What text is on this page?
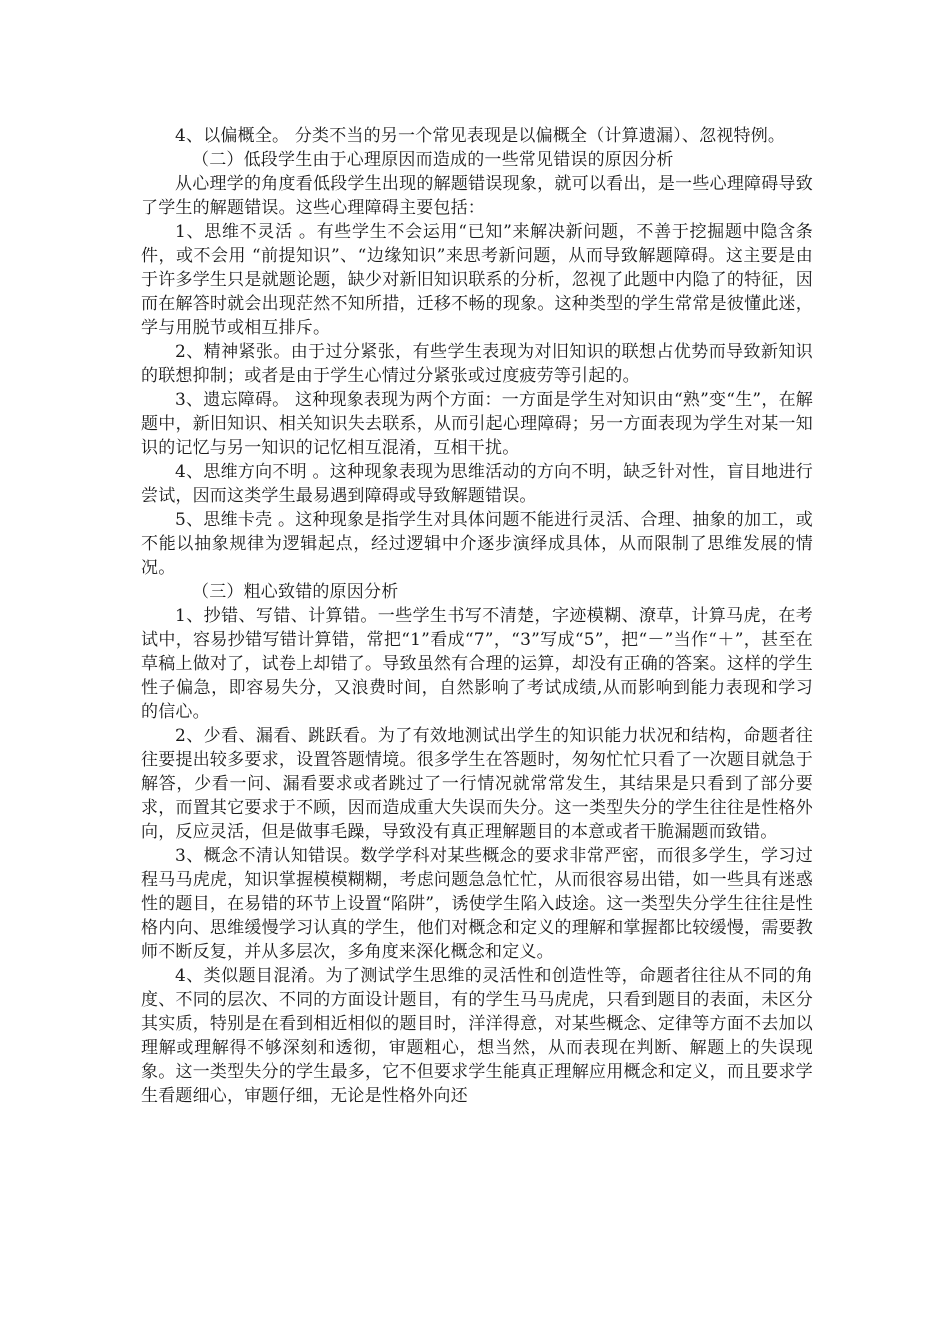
4、以偏概全。 分类不当的另一个常见表现是以偏概全（计算遗漏）、忽视特例。

（二）低段学生由于心理原因而造成的一些常见错误的原因分析

从心理学的角度看低段学生出现的解题错误现象，就可以看出，是一些心理障碍导致了学生的解题错误。这些心理障碍主要包括：

1、思维不灵活 。有些学生不会运用“已知”来解决新问题，不善于挖掘题中隐含条件，或不会用 “前提知识”、“边缘知识”来思考新问题，从而导致解题障碍。这主要是由于许多学生只是就题论题，缺少对新旧知识联系的分析，忽视了此题中内隐了的特征，因而在解答时就会出现茫然不知所措，迁移不畅的现象。这种类型的学生常常是彼懂此迷，学与用脱节或相互排斥。

2、精神紧张。由于过分紧张，有些学生表现为对旧知识的联想占优势而导致新知识的联想抑制；或者是由于学生心情过分紧张或过度疲劳等引起的。

3、遗忘障碍。 这种现象表现为两个方面：一方面是学生对知识由“熟”变“生”，在解题中，新旧知识、相关知识失去联系，从而引起心理障碍；另一方面表现为学生对某一知识的记忆与另一知识的记忆相互混淆，互相干扰。

4、思维方向不明 。这种现象表现为思维活动的方向不明，缺乏针对性，盲目地进行尝试，因而这类学生最易遇到障碍或导致解题错误。

5、思维卡壳 。这种现象是指学生对具体问题不能进行灵活、合理、抽象的加工，或不能以抽象规律为逻辑起点，经过逻辑中介逐步演绎成具体，从而限制了思维发展的情况。

（三）粗心致错的原因分析

1、抄错、写错、计算错。一些学生书写不清楚，字迹模糊、潦草，计算马虎，在考试中，容易抄错写错计算错，常把“1”看成“7”，“3”写成“5”，把“－”当作“＋”，甚至在草稿上做对了，试卷上却错了。导致虽然有合理的运算，却没有正确的答案。这样的学生性子偏急，即容易失分，又浪费时间，自然影响了考试成绩,从而影响到能力表现和学习的信心。

2、少看、漏看、跳跃看。为了有效地测试出学生的知识能力状况和结构，命题者往往要提出较多要求，设置答题情境。很多学生在答题时，匆匆忙忙只看了一次题目就急于解答，少看一问、漏看要求或者跳过了一行情况就常常发生，其结果是只看到了部分要求，而置其它要求于不顾，因而造成重大失误而失分。这一类型失分的学生往往是性格外向，反应灵活，但是做事毛躁，导致没有真正理解题目的本意或者干脆漏题而致错。

3、概念不清认知错误。数学学科对某些概念的要求非常严密，而很多学生，学习过程马马虎虎，知识掌握模模糊糊，考虑问题急急忙忙，从而很容易出错，如一些具有迷惑性的题目，在易错的环节上设置“陷阱”，诱使学生陷入歧途。这一类型失分学生往往是性格内向、思维缓慢学习认真的学生，他们对概念和定义的理解和掌握都比较缓慢，需要教师不断反复，并从多层次，多角度来深化概念和定义。

4、类似题目混淆。为了测试学生思维的灵活性和创造性等，命题者往往从不同的角度、不同的层次、不同的方面设计题目，有的学生马马虎虎，只看到题目的表面，未区分其实质，特别是在看到相近相似的题目时，洋洋得意，对某些概念、定律等方面不去加以理解或理解得不够深刻和透彻，审题粗心，想当然，从而表现在判断、解题上的失误现象。这一类型失分的学生最多，它不但要求学生能真正理解应用概念和定义，而且要求学生看题细心，审题仔细，无论是性格外向还
